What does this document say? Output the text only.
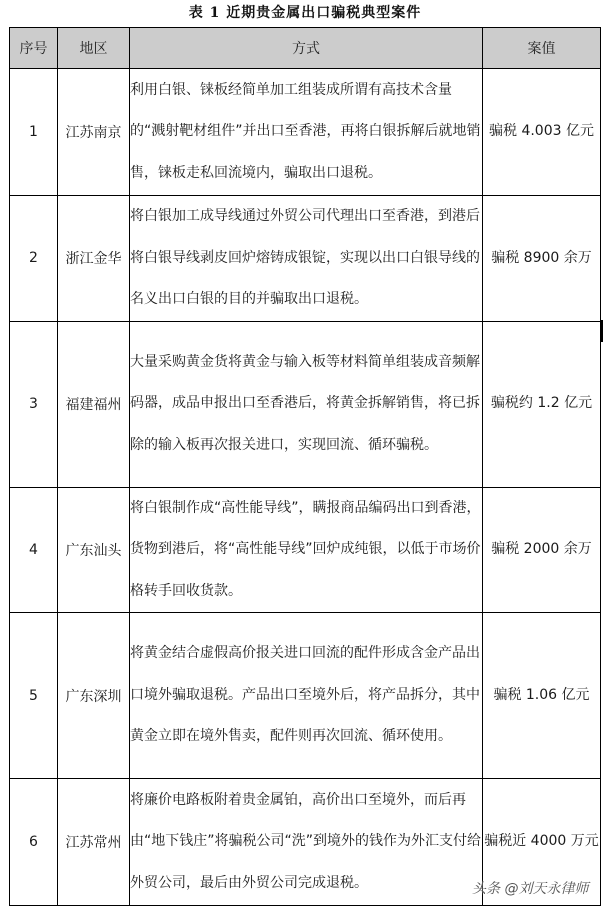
表 1 近期贵金属出口骗税典型案件
序号	地区	方式	案值
1	江苏南京	利用白银、铼板经简单加工组装成所谓有高技术含量的“溅射靶材组件”并出口至香港，再将白银拆解后就地销售，铼板走私回流境内，骗取出口退税。	骗税 4.003 亿元
2	浙江金华	将白银加工成导线通过外贸公司代理出口至香港，到港后将白银导线剥皮回炉熔铸成银锭，实现以出口白银导线的名义出口白银的目的并骗取出口退税。	骗税 8900 余万
3	福建福州	大量采购黄金货将黄金与输入板等材料简单组装成音频解码器，成品申报出口至香港后，将黄金拆解销售，将已拆除的输入板再次报关进口，实现回流、循环骗税。	骗税约 1.2 亿元
4	广东汕头	将白银制作成“高性能导线”，瞒报商品编码出口到香港，货物到港后，将“高性能导线”回炉成纯银，以低于市场价格转手回收货款。	骗税 2000 余万
5	广东深圳	将黄金结合虚假高价报关进口回流的配件形成含金产品出口境外骗取退税。产品出口至境外后，将产品拆分，其中黄金立即在境外售卖，配件则再次回流、循环使用。	骗税 1.06 亿元
6	江苏常州	将廉价电路板附着贵金属铂，高价出口至境外，而后再由“地下钱庄”将骗税公司“洗”到境外的钱作为外汇支付给外贸公司，最后由外贸公司完成退税。	骗税近 4000 万元
头条 @刘天永律师
